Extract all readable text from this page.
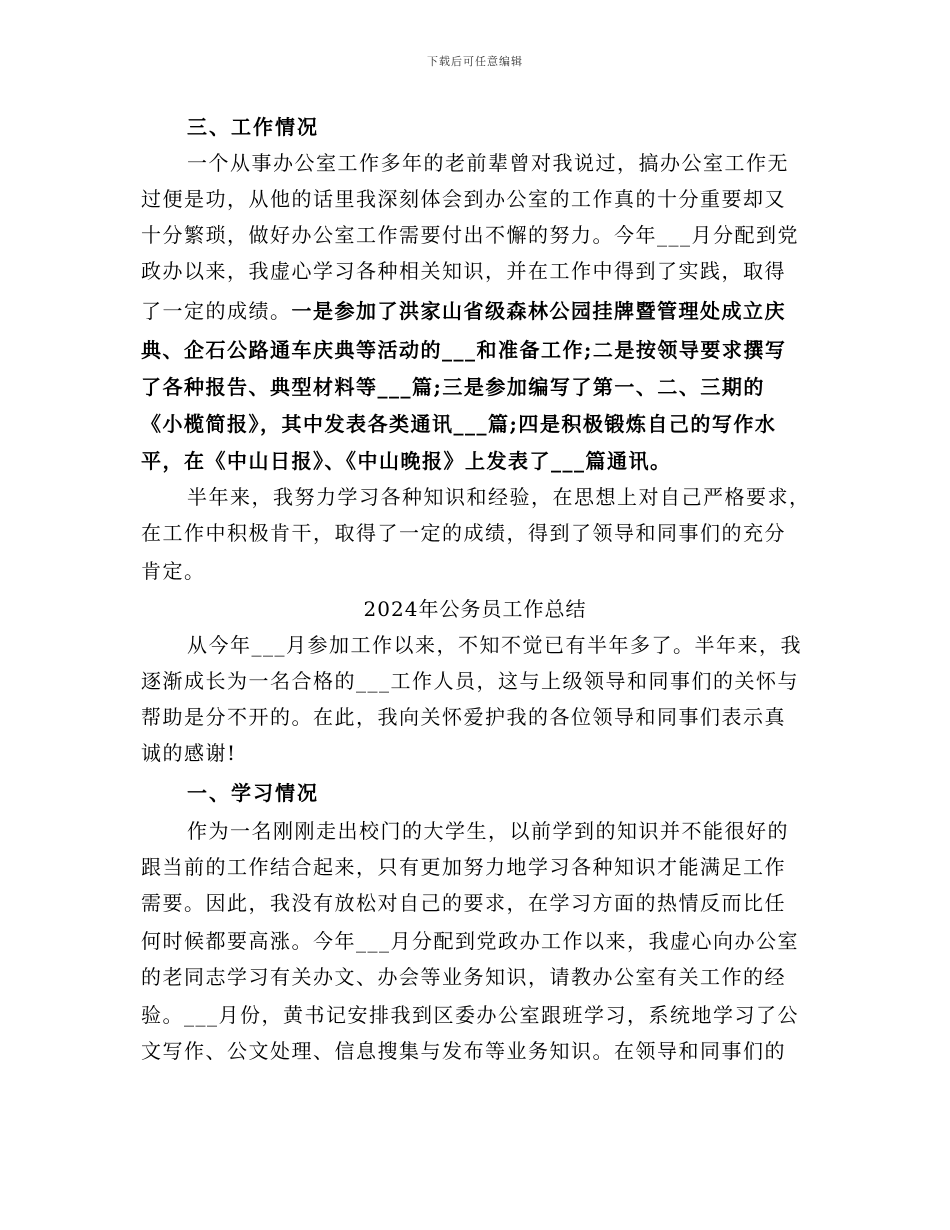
下载后可任意编辑
三、工作情况
一个从事办公室工作多年的老前辈曾对我说过，搞办公室工作无
过便是功，从他的话里我深刻体会到办公室的工作真的十分重要却又
十分繁琐，做好办公室工作需要付出不懈的努力。今年___月分配到党
政办以来，我虚心学习各种相关知识，并在工作中得到了实践，取得
了一定的成绩。一是参加了洪家山省级森林公园挂牌暨管理处成立庆
典、企石公路通车庆典等活动的___和准备工作;二是按领导要求撰写
了各种报告、典型材料等___篇;三是参加编写了第一、二、三期的
《小榄简报》，其中发表各类通讯___篇;四是积极锻炼自己的写作水
平，在《中山日报》、《中山晚报》上发表了___篇通讯。
半年来，我努力学习各种知识和经验，在思想上对自己严格要求，
在工作中积极肯干，取得了一定的成绩，得到了领导和同事们的充分
肯定。
2024年公务员工作总结
从今年___月参加工作以来，不知不觉已有半年多了。半年来，我
逐渐成长为一名合格的___工作人员，这与上级领导和同事们的关怀与
帮助是分不开的。在此，我向关怀爱护我的各位领导和同事们表示真
诚的感谢!
一、学习情况
作为一名刚刚走出校门的大学生，以前学到的知识并不能很好的
跟当前的工作结合起来，只有更加努力地学习各种知识才能满足工作
需要。因此，我没有放松对自己的要求，在学习方面的热情反而比任
何时候都要高涨。今年___月分配到党政办工作以来，我虚心向办公室
的老同志学习有关办文、办会等业务知识，请教办公室有关工作的经
验。___月份，黄书记安排我到区委办公室跟班学习，系统地学习了公
文写作、公文处理、信息搜集与发布等业务知识。在领导和同事们的
